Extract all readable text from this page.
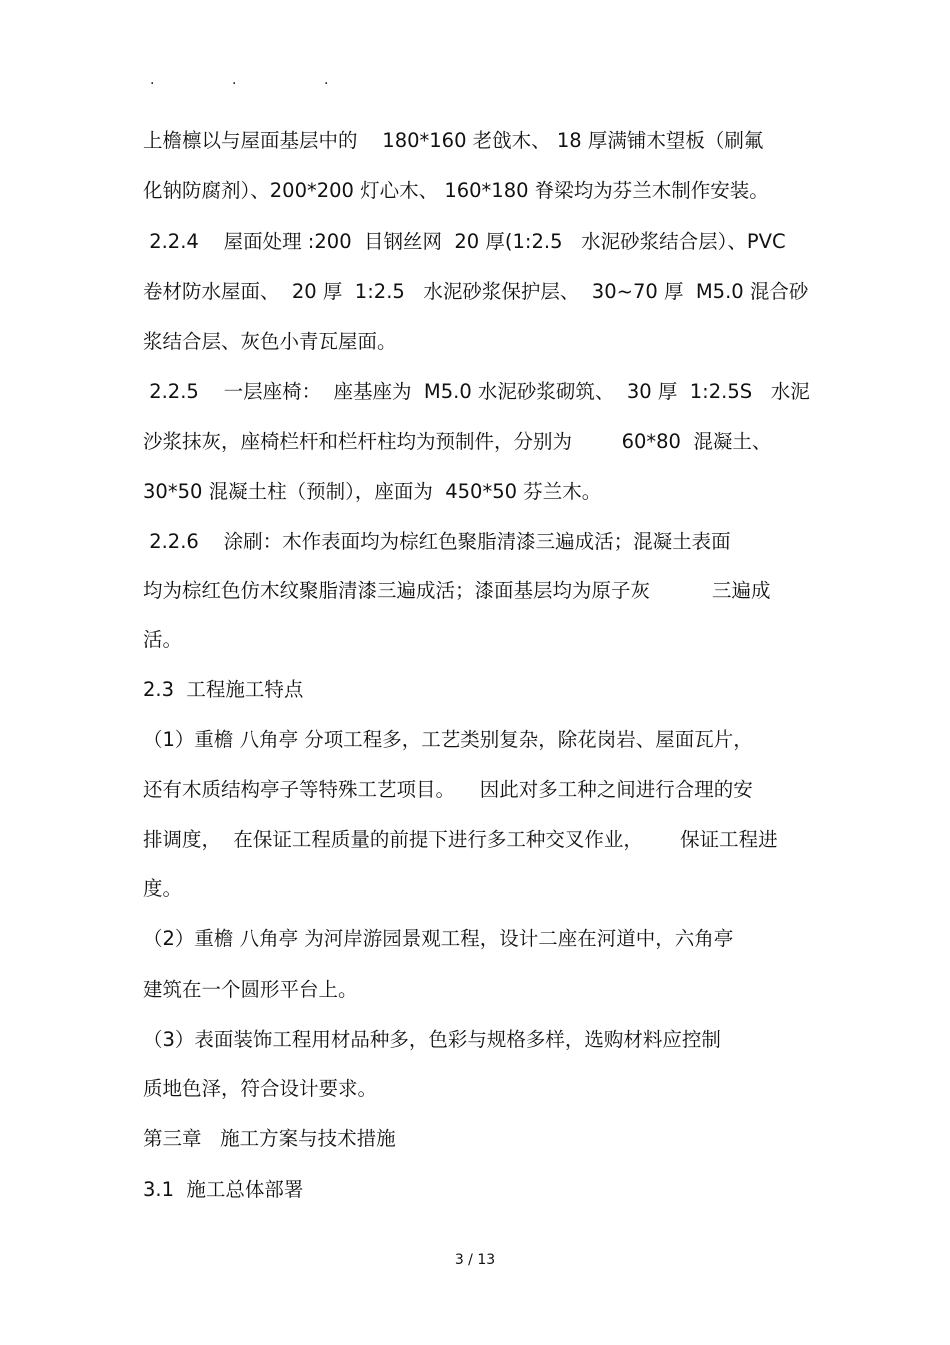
.	.	.
上檐檩以与屋面基层中的    180*160 老戗木、 18 厚满铺木望板（刷氟
化钠防腐剂）、200*200 灯心木、 160*180 脊梁均为芬兰木制作安装。
2.2.4    屋面处理 :200  目钢丝网  20 厚(1:2.5   水泥砂浆结合层）、PVC
卷材防水屋面、  20 厚  1:2.5   水泥砂浆保护层、  30~70 厚  M5.0 混合砂
浆结合层、灰色小青瓦屋面。
2.2.5    一层座椅：  座基座为  M5.0 水泥砂浆砌筑、  30 厚  1:2.5S   水泥
沙浆抹灰，座椅栏杆和栏杆柱均为预制件，分别为        60*80  混凝土、
30*50 混凝土柱（预制），座面为  450*50 芬兰木。
2.2.6    涂刷：木作表面均为棕红色聚脂清漆三遍成活；混凝土表面
均为棕红色仿木纹聚脂清漆三遍成活；漆面基层均为原子灰          三遍成
活。
2.3  工程施工特点
（1）重檐 八角亭 分项工程多，工艺类别复杂，除花岗岩、屋面瓦片，
还有木质结构亭子等特殊工艺项目。    因此对多工种之间进行合理的安
排调度，  在保证工程质量的前提下进行多工种交叉作业，      保证工程进
度。
（2）重檐 八角亭 为河岸游园景观工程，设计二座在河道中，六角亭
建筑在一个圆形平台上。
（3）表面装饰工程用材品种多，色彩与规格多样，选购材料应控制
质地色泽，符合设计要求。
第三章   施工方案与技术措施
3.1  施工总体部署
3 / 13
